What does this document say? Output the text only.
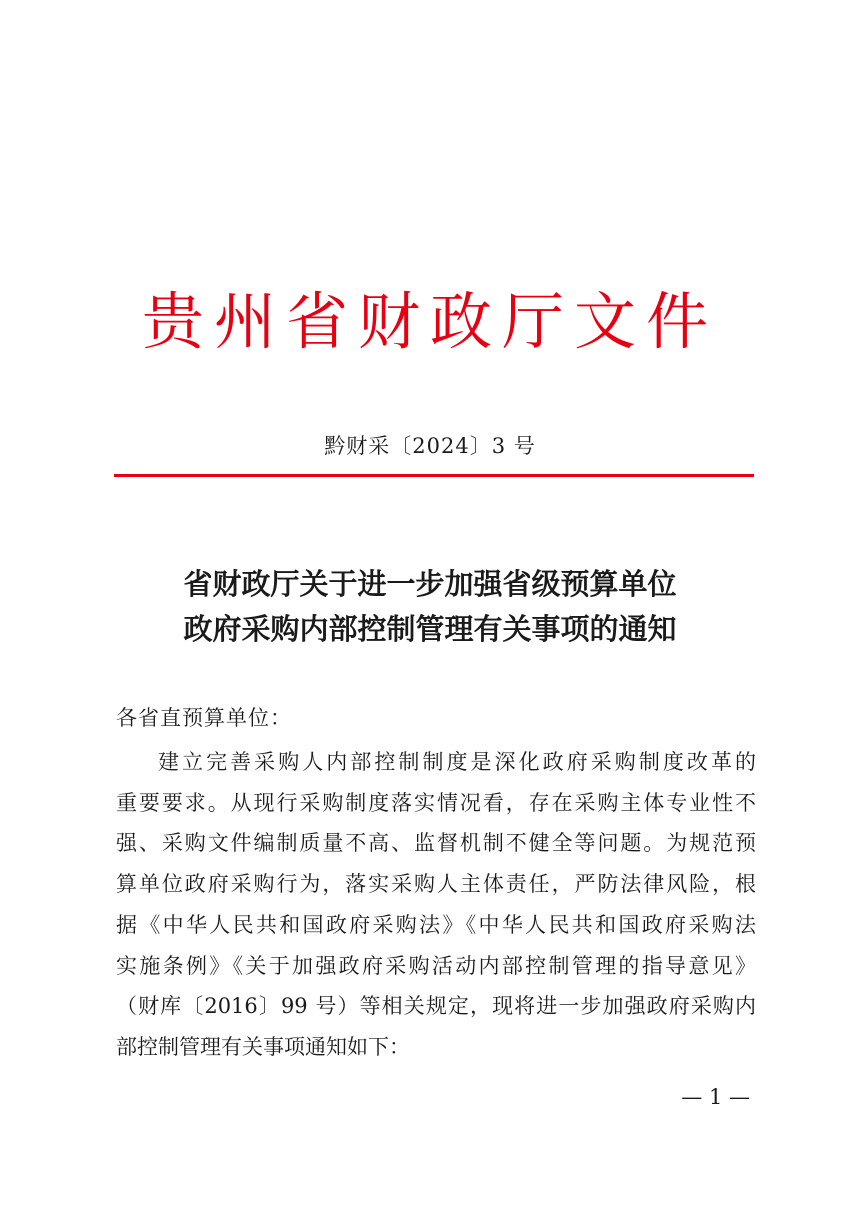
贵州省财政厅文件
黔财采〔2024〕3 号
省财政厅关于进一步加强省级预算单位
政府采购内部控制管理有关事项的通知
各省直预算单位：
建立完善采购人内部控制制度是深化政府采购制度改革的
重要要求。从现行采购制度落实情况看，存在采购主体专业性不
强、采购文件编制质量不高、监督机制不健全等问题。为规范预
算单位政府采购行为，落实采购人主体责任，严防法律风险，根
据《中华人民共和国政府采购法》《中华人民共和国政府采购法
实施条例》《关于加强政府采购活动内部控制管理的指导意见》
（财库〔2016〕99 号）等相关规定，现将进一步加强政府采购内
部控制管理有关事项通知如下：
— 1 —
